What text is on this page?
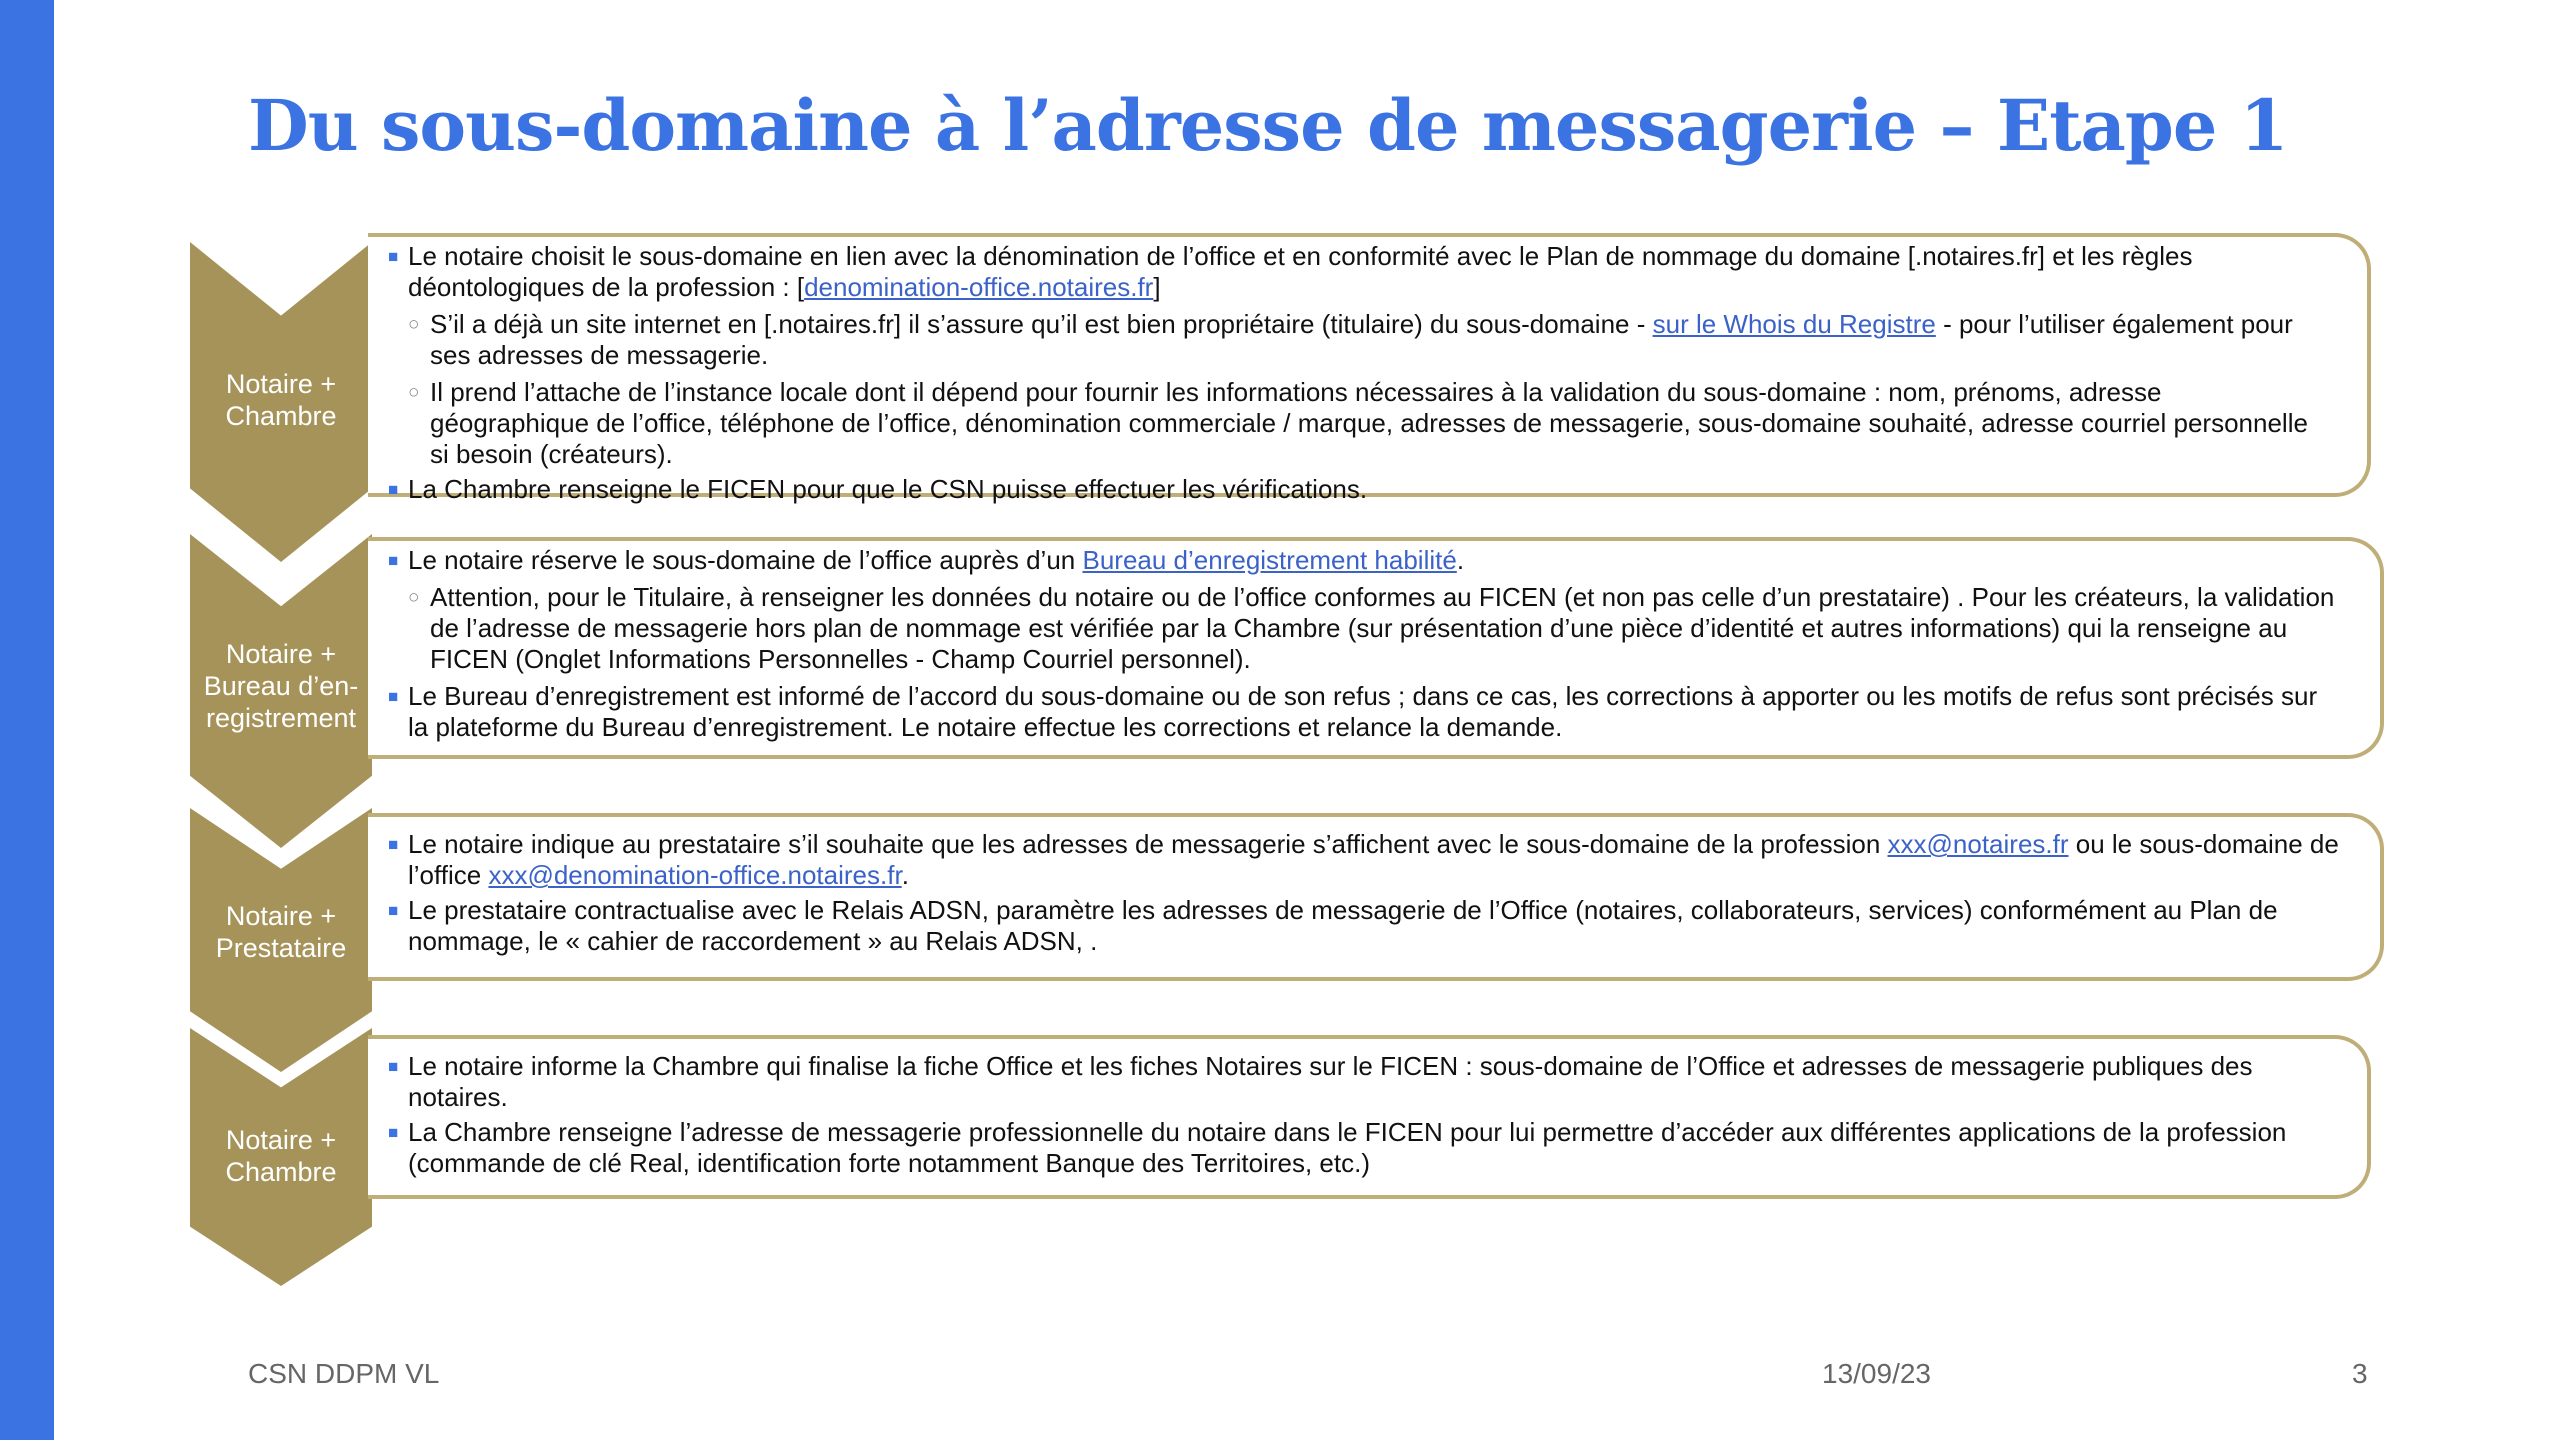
Du sous-domaine à l’adresse de messagerie – Etape 1
Notaire +
Chambre

■ Le notaire choisit le sous-domaine en lien avec la dénomination de l’office et en conformité avec le Plan de nommage du domaine [.notaires.fr] et les règles déontologiques de la profession : [denomination-office.notaires.fr]

○ S’il a déjà un site internet en [.notaires.fr] il s’assure qu’il est bien propriétaire (titulaire) du sous-domaine - sur le Whois du Registre - pour l’utiliser également pour ses adresses de messagerie.

○ Il prend l’attache de l’instance locale dont il dépend pour fournir les informations nécessaires à la validation du sous-domaine : nom, prénoms, adresse géographique de l’office, téléphone de l’office, dénomination commerciale / marque, adresses de messagerie, sous-domaine souhaité, adresse courriel personnelle si besoin (créateurs).

■ La Chambre renseigne le FICEN pour que le CSN puisse effectuer les vérifications.

Notaire +
Bureau d’en-
registrement

■ Le notaire réserve le sous-domaine de l’office auprès d’un Bureau d’enregistrement habilité.

○ Attention, pour le Titulaire, à renseigner les données du notaire ou de l’office conformes au FICEN (et non pas celle d’un prestataire) . Pour les créateurs, la validation de l’adresse de messagerie hors plan de nommage est vérifiée par la Chambre (sur présentation d’une pièce d’identité et autres informations) qui la renseigne au FICEN (Onglet Informations Personnelles - Champ Courriel personnel).

■ Le Bureau d’enregistrement est informé de l’accord du sous-domaine ou de son refus ; dans ce cas, les corrections à apporter ou les motifs de refus sont précisés sur la plateforme du Bureau d’enregistrement. Le notaire effectue les corrections et relance la demande.

Notaire +
Prestataire

■ Le notaire indique au prestataire s’il souhaite que les adresses de messagerie s’affichent avec le sous-domaine de la profession xxx@notaires.fr ou le sous-domaine de l’office xxx@denomination-office.notaires.fr.

■ Le prestataire contractualise avec le Relais ADSN, paramètre les adresses de messagerie de l’Office (notaires, collaborateurs, services) conformément au Plan de nommage, le « cahier de raccordement » au Relais ADSN, .

Notaire +
Chambre

■ Le notaire informe la Chambre qui finalise la fiche Office et les fiches Notaires sur le FICEN : sous-domaine de l’Office et adresses de messagerie publiques des notaires.

■ La Chambre renseigne l’adresse de messagerie professionnelle du notaire dans le FICEN pour lui permettre d’accéder aux différentes applications de la profession (commande de clé Real, identification forte notamment Banque des Territoires, etc.)

CSN DDPM VL	13/09/23	3
